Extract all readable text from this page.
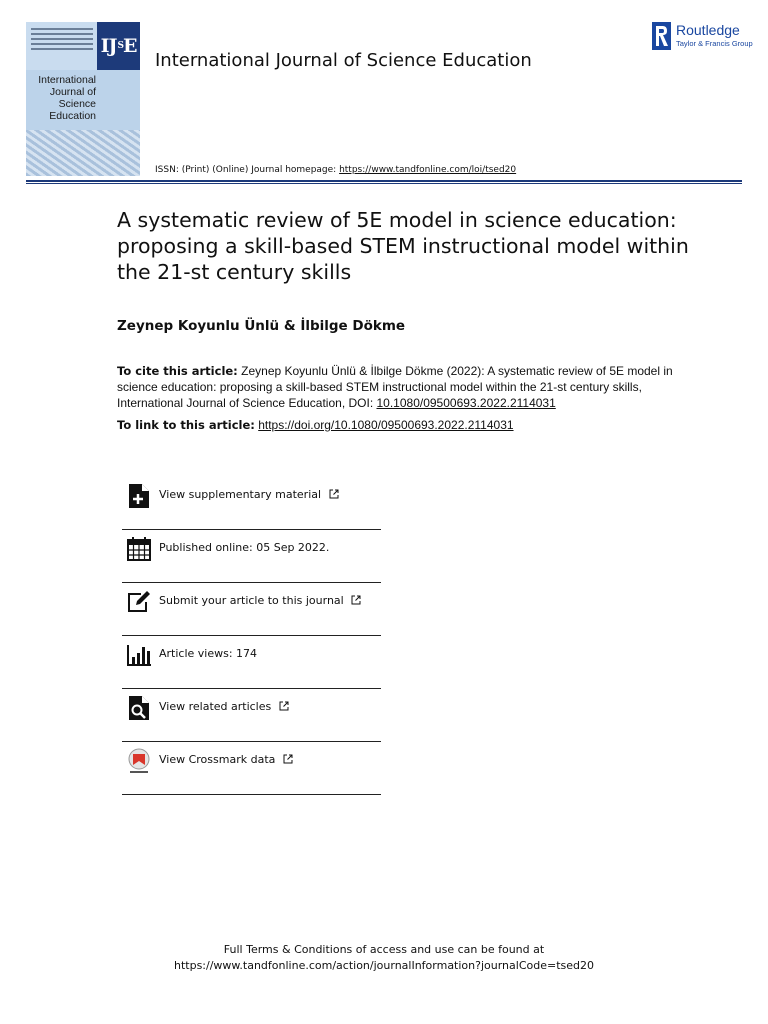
IJ S E
International
Journal of
Science
Education
International Journal of Science Education
Routledge
Taylor & Francis Group
ISSN: (Print) (Online) Journal homepage: https://www.tandfonline.com/loi/tsed20
A systematic review of 5E model in science education: proposing a skill-based STEM instructional model within the 21-st century skills
Zeynep Koyunlu Ünlü & İlbilge Dökme
To cite this article: Zeynep Koyunlu Ünlü & İlbilge Dökme (2022): A systematic review of 5E model in science education: proposing a skill-based STEM instructional model within the 21-st century skills, International Journal of Science Education, DOI: 10.1080/09500693.2022.2114031
To link to this article: https://doi.org/10.1080/09500693.2022.2114031
View supplementary material
Published online: 05 Sep 2022.
Submit your article to this journal
Article views: 174
View related articles
View Crossmark data
Full Terms & Conditions of access and use can be found at
https://www.tandfonline.com/action/journalInformation?journalCode=tsed20
